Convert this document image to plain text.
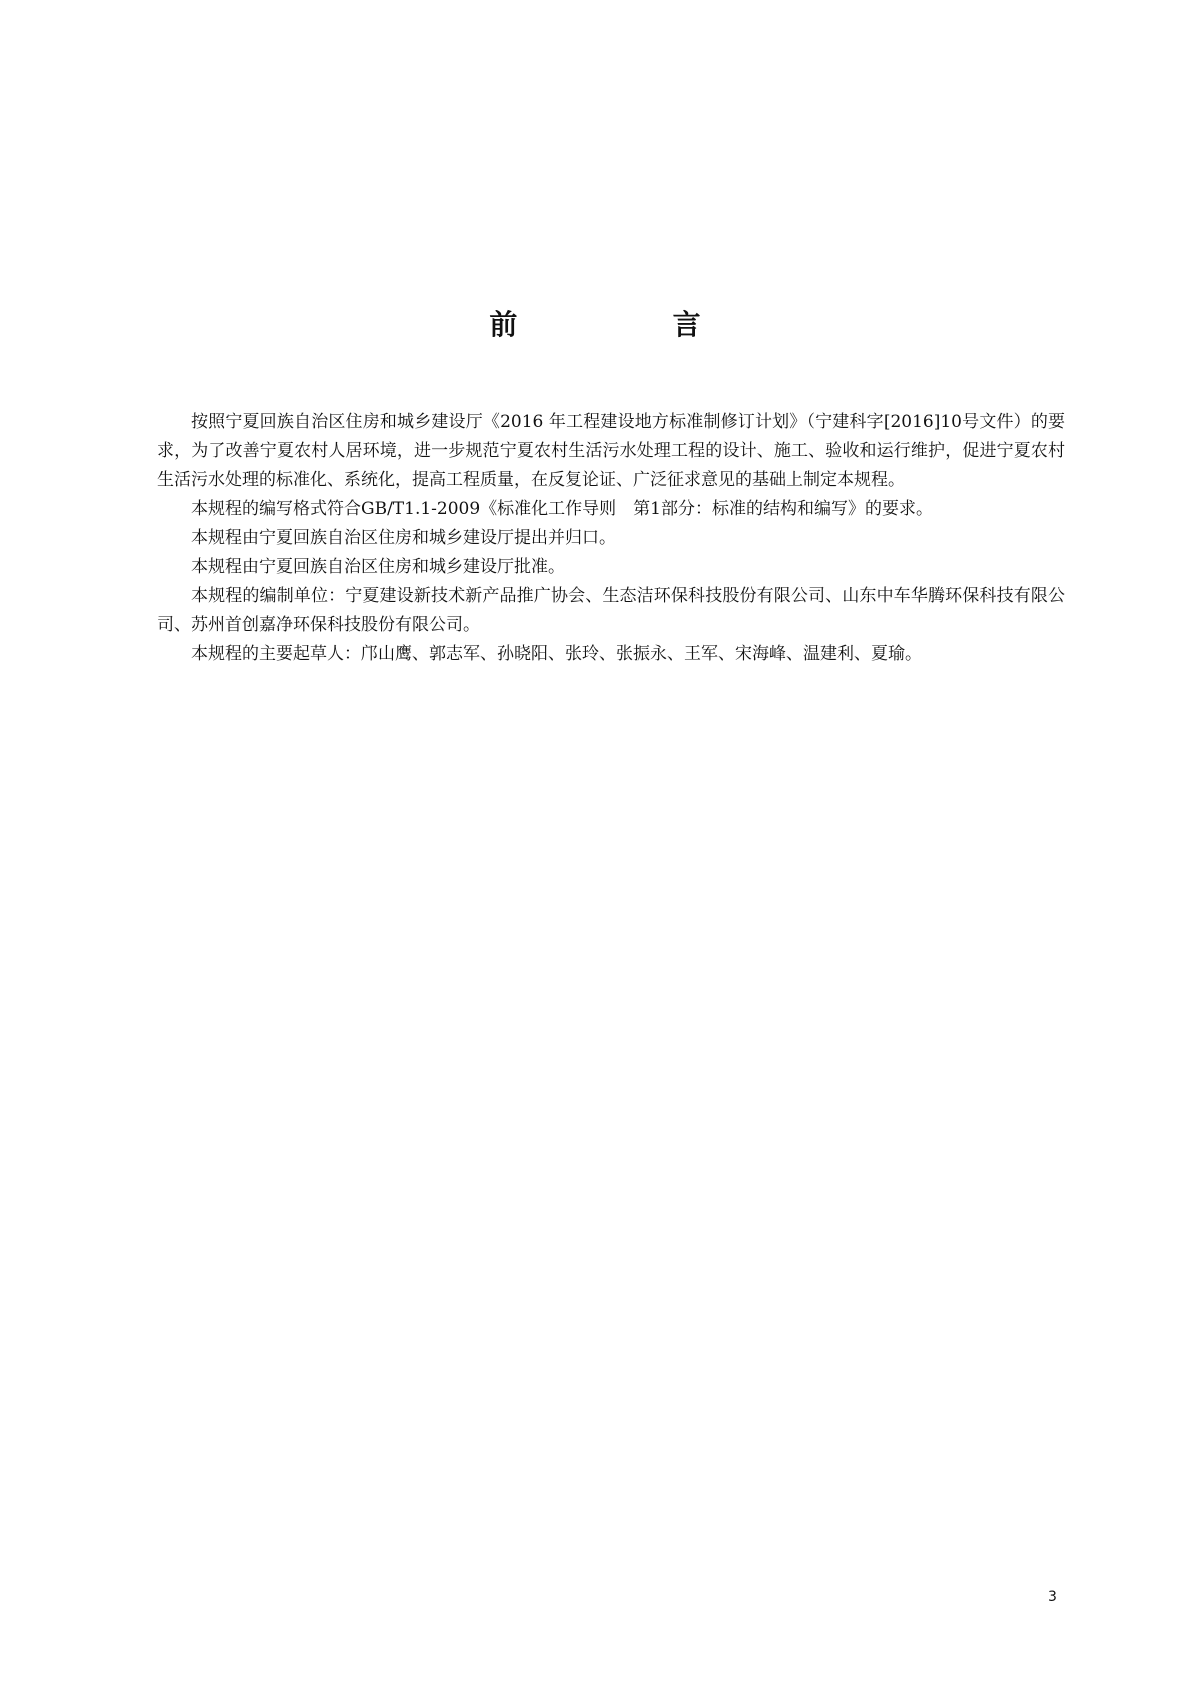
前 言

按照宁夏回族自治区住房和城乡建设厅《2016 年工程建设地方标准制修订计划》（宁建科字[2016]10号文件）的要求，为了改善宁夏农村人居环境，进一步规范宁夏农村生活污水处理工程的设计、施工、验收和运行维护，促进宁夏农村生活污水处理的标准化、系统化，提高工程质量，在反复论证、广泛征求意见的基础上制定本规程。

本规程的编写格式符合GB/T1.1-2009《标准化工作导则　第1部分：标准的结构和编写》的要求。

本规程由宁夏回族自治区住房和城乡建设厅提出并归口。

本规程由宁夏回族自治区住房和城乡建设厅批准。

本规程的编制单位：宁夏建设新技术新产品推广协会、生态洁环保科技股份有限公司、山东中车华腾环保科技有限公司、苏州首创嘉净环保科技股份有限公司。

本规程的主要起草人：邝山鹰、郭志军、孙晓阳、张玲、张振永、王军、宋海峰、温建利、夏瑜。

3
